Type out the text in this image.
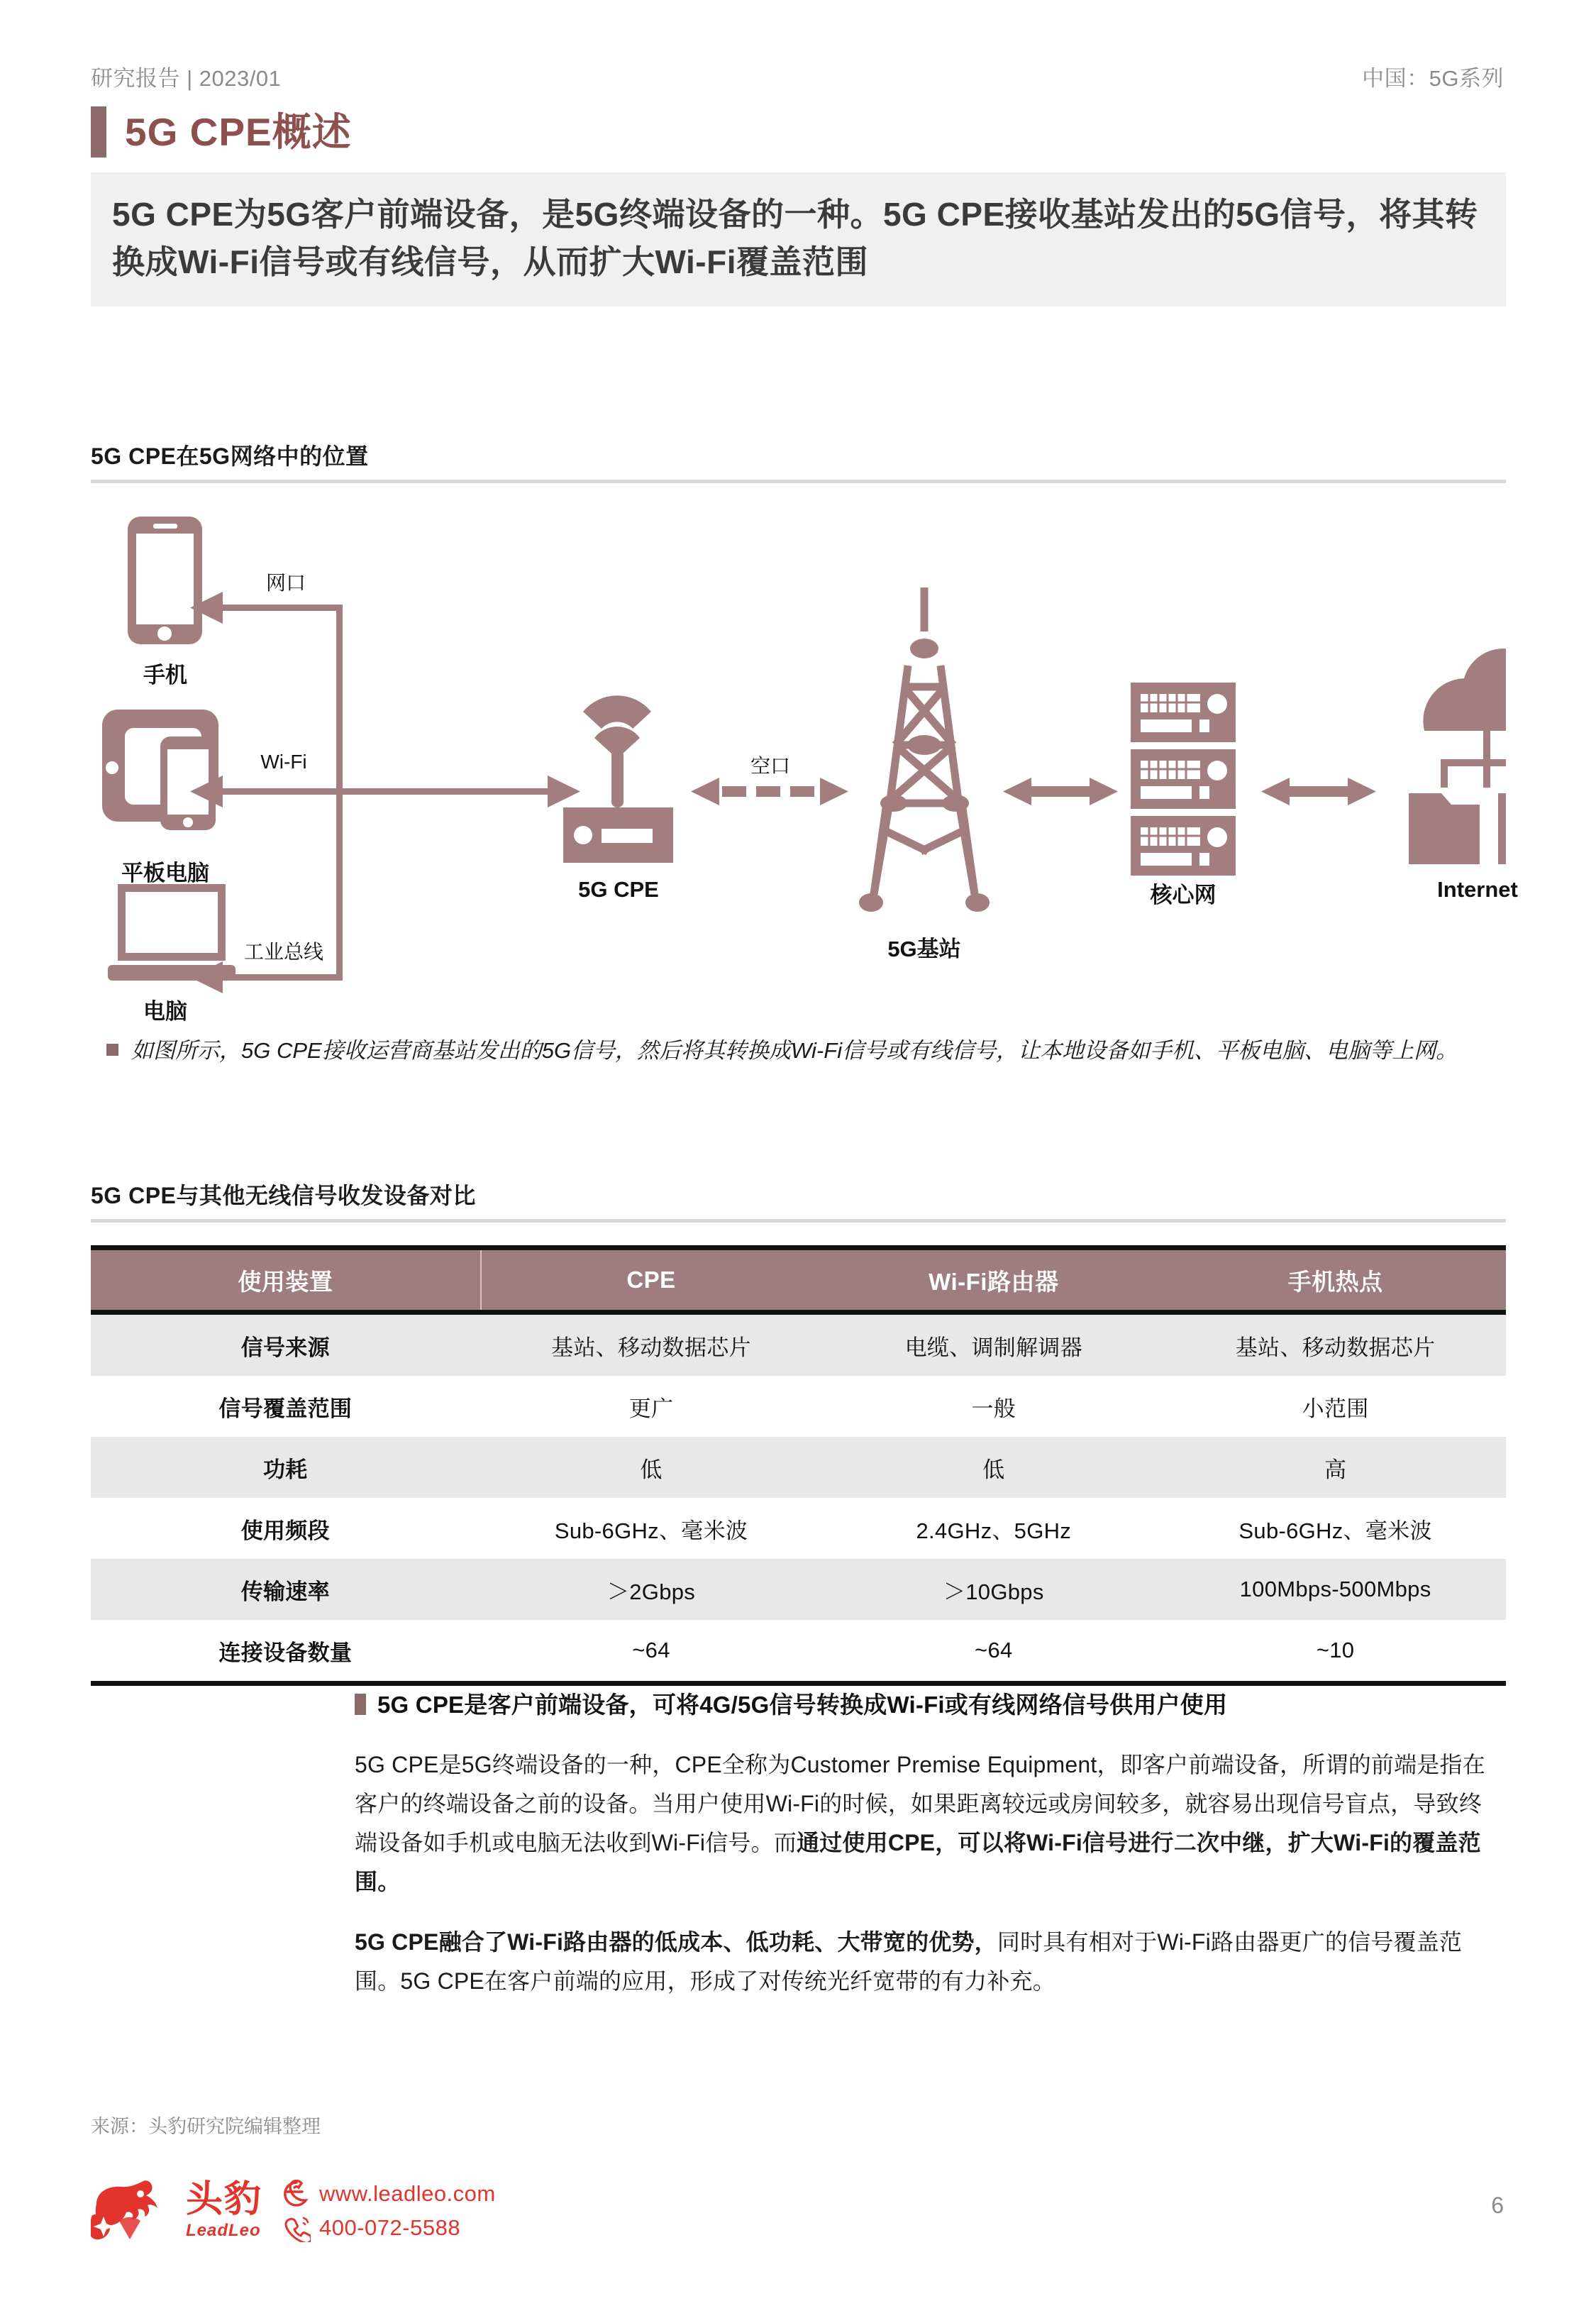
研究报告 | 2023/01	中国：5G系列
5G CPE概述
5G CPE为5G客户前端设备，是5G终端设备的一种。5G CPE接收基站发出的5G信号，将其转换成Wi-Fi信号或有线信号，从而扩大Wi-Fi覆盖范围
5G CPE在5G网络中的位置
手机
平板电脑
电脑
5G CPE
5G基站
核心网	Internet
网口
Wi-Fi
工业总线
空口
如图所示，5G CPE接收运营商基站发出的5G信号，然后将其转换成Wi-Fi信号或有线信号，让本地设备如手机、平板电脑、电脑等上网。
5G CPE与其他无线信号收发设备对比
使用装置	CPE	Wi-Fi路由器	手机热点
信号来源	基站、移动数据芯片	电缆、调制解调器	基站、移动数据芯片
信号覆盖范围	更广	一般	小范围
功耗	低	低	高
使用频段	Sub-6GHz、毫米波	2.4GHz、5GHz	Sub-6GHz、毫米波
传输速率	＞2Gbps	＞10Gbps	100Mbps-500Mbps
连接设备数量	~64	~64	~10
5G CPE是客户前端设备，可将4G/5G信号转换成Wi-Fi或有线网络信号供用户使用

5G CPE是5G终端设备的一种，CPE全称为Customer Premise Equipment，即客户前端设备，所谓的前端是指在客户的终端设备之前的设备。当用户使用Wi-Fi的时候，如果距离较远或房间较多，就容易出现信号盲点，导致终端设备如手机或电脑无法收到Wi-Fi信号。而通过使用CPE，可以将Wi-Fi信号进行二次中继，扩大Wi-Fi的覆盖范围。

5G CPE融合了Wi-Fi路由器的低成本、低功耗、大带宽的优势，同时具有相对于Wi-Fi路由器更广的信号覆盖范围。5G CPE在客户前端的应用，形成了对传统光纤宽带的有力补充。

来源：头豹研究院编辑整理
头豹
LeadLeo
www.leadleo.com
400-072-5588
6
